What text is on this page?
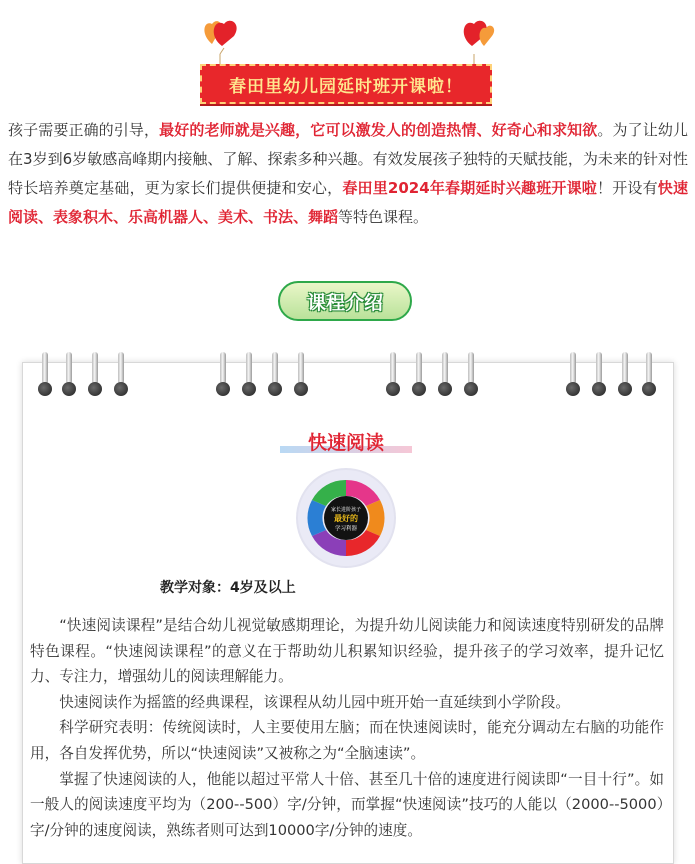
春田里幼儿园延时班开课啦！

孩子需要正确的引导，最好的老师就是兴趣，它可以激发人的创造热情、好奇心和求知欲。为了让幼儿在3岁到6岁敏感高峰期内接触、了解、探索多种兴趣。有效发展孩子独特的天赋技能，为未来的针对性特长培养奠定基础，更为家长们提供便捷和安心，春田里2024年春期延时兴趣班开课啦！开设有快速阅读、表象积木、乐高机器人、美术、书法、舞蹈等特色课程。

课程介绍
快速阅读
家长进阶孩子
最好的
学习利器
教学对象：4岁及以上

“快速阅读课程”是结合幼儿视觉敏感期理论，为提升幼儿阅读能力和阅读速度特别研发的品牌特色课程。“快速阅读课程”的意义在于帮助幼儿积累知识经验，提升孩子的学习效率，提升记忆力、专注力，增强幼儿的阅读理解能力。

快速阅读作为摇篮的经典课程，该课程从幼儿园中班开始一直延续到小学阶段。

科学研究表明：传统阅读时，人主要使用左脑；而在快速阅读时，能充分调动左右脑的功能作用，各自发挥优势，所以“快速阅读”又被称之为“全脑速读”。

掌握了快速阅读的人，他能以超过平常人十倍、甚至几十倍的速度进行阅读即“一目十行”。如一般人的阅读速度平均为（200--500）字/分钟，而掌握“快速阅读”技巧的人能以（2000--5000）字/分钟的速度阅读，熟练者则可达到10000字/分钟的速度。
